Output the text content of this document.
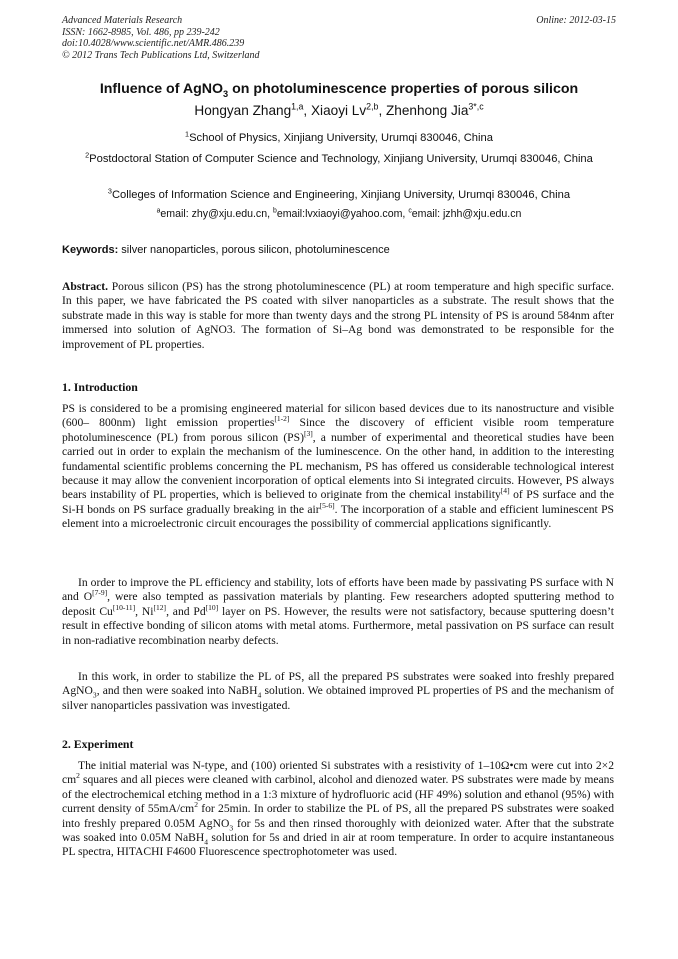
Advanced Materials Research
ISSN: 1662-8985, Vol. 486, pp 239-242
doi:10.4028/www.scientific.net/AMR.486.239
© 2012 Trans Tech Publications Ltd, Switzerland
Online: 2012-03-15
Influence of AgNO$_3$ on photoluminescence properties of porous silicon
Hongyan Zhang$^{1,a}$, Xiaoyi Lv$^{2,b}$, Zhenhong Jia$^{3*,c}$
$^1$School of Physics, Xinjiang University, Urumqi 830046, China
$^2$Postdoctoral Station of Computer Science and Technology, Xinjiang University, Urumqi 830046, China
$^3$Colleges of Information Science and Engineering, Xinjiang University, Urumqi 830046, China
$^a$email: zhy@xju.edu.cn, $^b$email:lvxiaoyi@yahoo.com, $^c$email: jzhh@xju.edu.cn
Keywords: silver nanoparticles, porous silicon, photoluminescence
Abstract. Porous silicon (PS) has the strong photoluminescence (PL) at room temperature and high specific surface. In this paper, we have fabricated the PS coated with silver nanoparticles as a substrate. The result shows that the substrate made in this way is stable for more than twenty days and the strong PL intensity of PS is around 584nm after immersed into solution of AgNO3. The formation of Si–Ag bond was demonstrated to be responsible for the improvement of PL properties.
1. Introduction
PS is considered to be a promising engineered material for silicon based devices due to its nanostructure and visible (600– 800nm) light emission properties[1-2] Since the discovery of efficient visible room temperature photoluminescence (PL) from porous silicon (PS)[3], a number of experimental and theoretical studies have been carried out in order to explain the mechanism of the luminescence. On the other hand, in addition to the interesting fundamental scientific problems concerning the PL mechanism, PS has offered us considerable technological interest because it may allow the convenient incorporation of optical elements into Si integrated circuits. However, PS always bears instability of PL properties, which is believed to originate from the chemical instability[4] of PS surface and the Si-H bonds on PS surface gradually breaking in the air[5-6]. The incorporation of a stable and efficient luminescent PS element into a microelectronic circuit encourages the possibility of commercial applications significantly.
In order to improve the PL efficiency and stability, lots of efforts have been made by passivating PS surface with N and O[7-9], were also tempted as passivation materials by planting. Few researchers adopted sputtering method to deposit Cu[10-11], Ni[12], and Pd[10] layer on PS. However, the results were not satisfactory, because sputtering doesn’t result in effective bonding of silicon atoms with metal atoms. Furthermore, metal passivation on PS surface can result in non-radiative recombination nearby defects.
In this work, in order to stabilize the PL of PS, all the prepared PS substrates were soaked into freshly prepared AgNO$_3$, and then were soaked into NaBH$_4$ solution. We obtained improved PL properties of PS and the mechanism of silver nanoparticles passivation was investigated.
2. Experiment
The initial material was N-type, and (100) oriented Si substrates with a resistivity of 1–10Ω•cm were cut into 2×2 $cm^2$ squares and all pieces were cleaned with carbinol, alcohol and dienozed water. PS substrates were made by means of the electrochemical etching method in a 1:3 mixture of hydrofluoric acid (HF 49%) solution and ethanol (95%) with current density of $55mA/cm^2$ for 25min. In order to stabilize the PL of PS, all the prepared PS substrates were soaked into freshly prepared 0.05M AgNO$_3$ for 5s and then rinsed thoroughly with deionized water. After that the substrate was soaked into 0.05M NaBH$_4$ solution for 5s and dried in air at room temperature. In order to acquire instantaneous PL spectra, HITACHI F4600 Fluorescence spectrophotometer was used.
